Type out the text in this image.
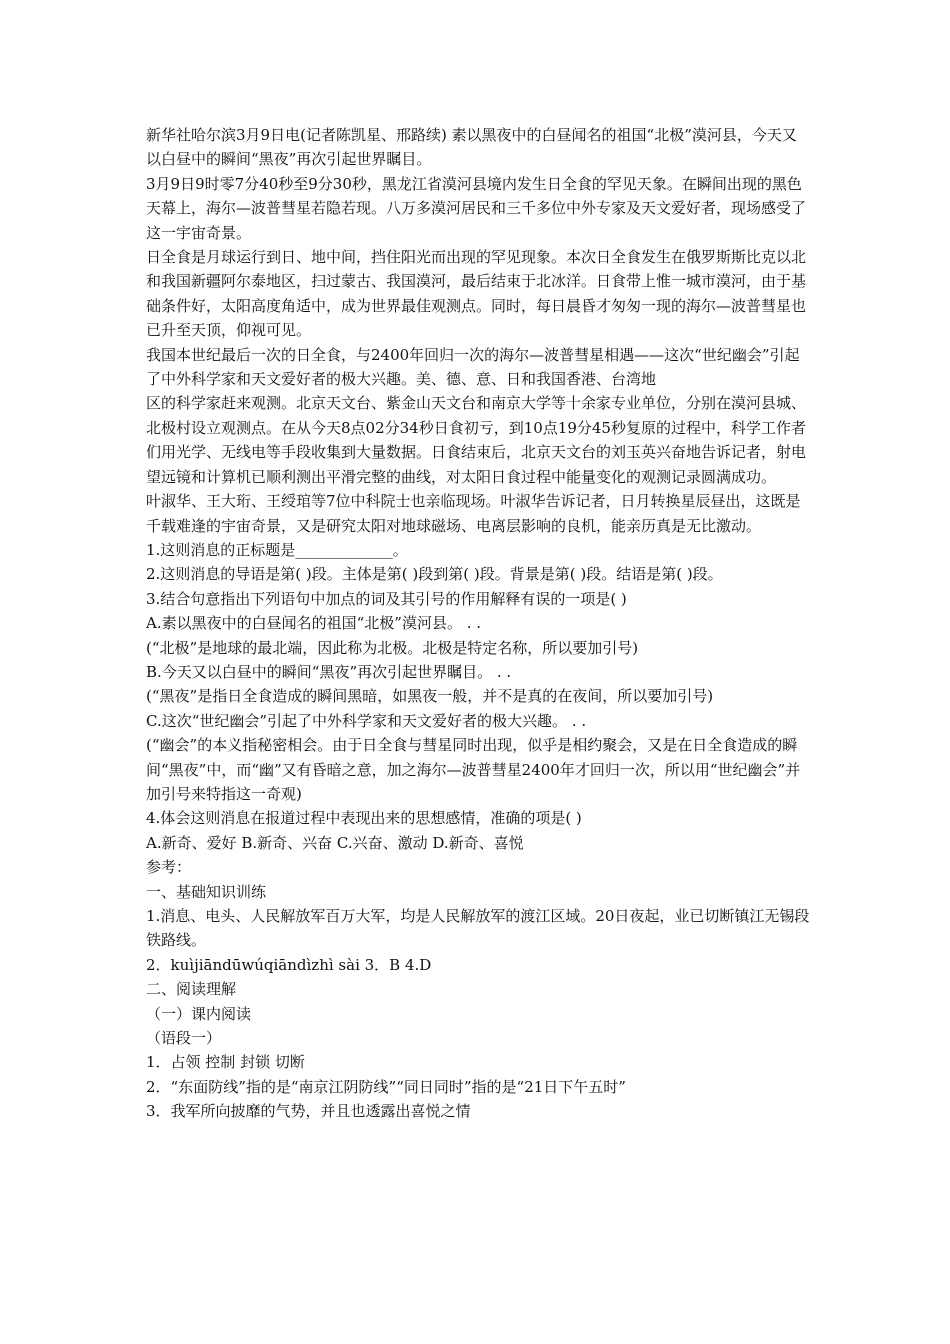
新华社哈尔滨3月9日电(记者陈凯星、邢路续) 素以黑夜中的白昼闻名的祖国“北极”漠河县，今天又以白昼中的瞬间“黑夜”再次引起世界瞩目。

3月9日9时零7分40秒至9分30秒，黑龙江省漠河县境内发生日全食的罕见天象。在瞬间出现的黑色天幕上，海尔—波普彗星若隐若现。八万多漠河居民和三千多位中外专家及天文爱好者，现场感受了这一宇宙奇景。

日全食是月球运行到日、地中间，挡住阳光而出现的罕见现象。本次日全食发生在俄罗斯斯比克以北和我国新疆阿尔泰地区，扫过蒙古、我国漠河，最后结束于北冰洋。日食带上惟一城市漠河，由于基础条件好，太阳高度角适中，成为世界最佳观测点。同时，每日晨昏才匆匆一现的海尔—波普彗星也已升至天顶，仰视可见。

我国本世纪最后一次的日全食，与2400年回归一次的海尔—波普彗星相遇——这次“世纪幽会”引起了中外科学家和天文爱好者的极大兴趣。美、德、意、日和我国香港、台湾地

区的科学家赶来观测。北京天文台、紫金山天文台和南京大学等十余家专业单位，分别在漠河县城、北极村设立观测点。在从今天8点02分34秒日食初亏，到10点19分45秒复原的过程中，科学工作者们用光学、无线电等手段收集到大量数据。日食结束后，北京天文台的刘玉英兴奋地告诉记者，射电望远镜和计算机已顺利测出平滑完整的曲线，对太阳日食过程中能量变化的观测记录圆满成功。

叶淑华、王大珩、王绶琯等7位中科院士也亲临现场。叶淑华告诉记者，日月转换星辰昼出，这既是千载难逢的宇宙奇景，又是研究太阳对地球磁场、电离层影响的良机，能亲历真是无比激动。

1.这则消息的正标题是_____________。

2.这则消息的导语是第( )段。主体是第( )段到第( )段。背景是第( )段。结语是第( )段。

3.结合句意指出下列语句中加点的词及其引号的作用解释有误的一项是( )

A.素以黑夜中的白昼闻名的祖国“北极”漠河县。 . .

(“北极”是地球的最北端，因此称为北极。北极是特定名称，所以要加引号)

B.今天又以白昼中的瞬间“黑夜”再次引起世界瞩目。 . .

(“黑夜”是指日全食造成的瞬间黑暗，如黑夜一般，并不是真的在夜间，所以要加引号)

C.这次“世纪幽会”引起了中外科学家和天文爱好者的极大兴趣。 . .

(“幽会”的本义指秘密相会。由于日全食与彗星同时出现，似乎是相约聚会，又是在日全食造成的瞬间“黑夜”中，而“幽”又有昏暗之意，加之海尔—波普彗星2400年才回归一次，所以用“世纪幽会”并加引号来特指这一奇观)

4.体会这则消息在报道过程中表现出来的思想感情，准确的项是( )

A.新奇、爱好 B.新奇、兴奋 C.兴奋、激动 D.新奇、喜悦

参考：

一、基础知识训练

1.消息、电头、人民解放军百万大军，均是人民解放军的渡江区域。20日夜起，业已切断镇江无锡段铁路线。

2．kuìjiāndūwúqiāndìzhì sài 3．B 4.D

二、阅读理解

（一）课内阅读

（语段一）

1．占领 控制 封锁 切断

2．“东面防线”指的是“南京江阴防线”“同日同时”指的是“21日下午五时”

3．我军所向披靡的气势，并且也透露出喜悦之情
